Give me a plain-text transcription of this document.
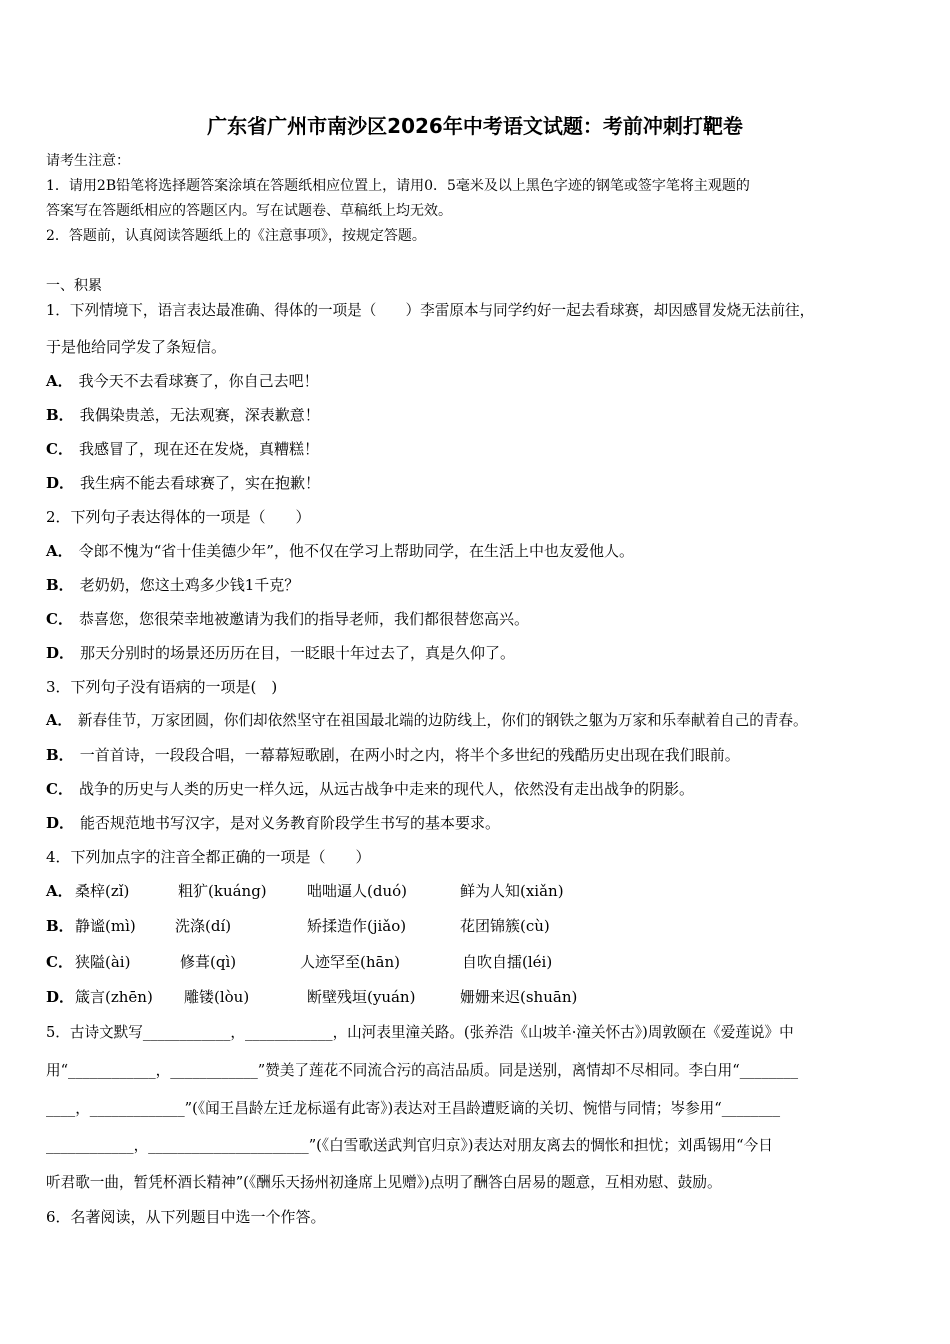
广东省广州市南沙区2026年中考语文试题：考前冲刺打靶卷
请考生注意：
1．请用2B铅笔将选择题答案涂填在答题纸相应位置上，请用0．5毫米及以上黑色字迹的钢笔或签字笔将主观题的
答案写在答题纸相应的答题区内。写在试题卷、草稿纸上均无效。
2．答题前，认真阅读答题纸上的《注意事项》，按规定答题。
一、积累
1．下列情境下，语言表达最准确、得体的一项是（　　）李雷原本与同学约好一起去看球赛，却因感冒发烧无法前往，
于是他给同学发了条短信。
A． 我今天不去看球赛了，你自己去吧！
B． 我偶染贵恙，无法观赛，深表歉意！
C． 我感冒了，现在还在发烧，真糟糕！
D． 我生病不能去看球赛了，实在抱歉！
2．下列句子表达得体的一项是（　　）
A． 令郎不愧为“省十佳美德少年”，他不仅在学习上帮助同学，在生活上中也友爱他人。
B． 老奶奶，您这土鸡多少钱1千克？
C． 恭喜您，您很荣幸地被邀请为我们的指导老师，我们都很替您高兴。
D． 那天分别时的场景还历历在目，一眨眼十年过去了，真是久仰了。
3．下列句子没有语病的一项是(　)
A． 新春佳节，万家团圆，你们却依然坚守在祖国最北端的边防线上，你们的钢铁之躯为万家和乐奉献着自己的青春。
B． 一首首诗，一段段合唱，一幕幕短歌剧，在两小时之内，将半个多世纪的残酷历史出现在我们眼前。
C． 战争的历史与人类的历史一样久远，从远古战争中走来的现代人，依然没有走出战争的阴影。
D． 能否规范地书写汉字，是对义务教育阶段学生书写的基本要求。
4．下列加点字的注音全都正确的一项是（　　）
A． 桑梓(zǐ)	粗犷(kuáng)	咄咄逼人(duó)	鲜为人知(xiǎn)
B． 静谧(mì)	洗涤(dí)	矫揉造作(jiǎo)	花团锦簇(cù)
C． 狭隘(ài)	修葺(qì)	人迹罕至(hān)	自吹自擂(léi)
D． 箴言(zhēn) 雕镂(lòu)	断壁残垣(yuán)	姗姗来迟(shuān)
5．古诗文默写____________，____________，山河表里潼关路。(张养浩《山坡羊·潼关怀古》)周敦颐在《爱莲说》中
用“____________，____________”赞美了莲花不同流合污的高洁品质。同是送别，离情却不尽相同。李白用“________
____，_____________”(《闻王昌龄左迁龙标遥有此寄》)表达对王昌龄遭贬谪的关切、惋惜与同情；岑参用“________
____________，______________________”(《白雪歌送武判官归京》)表达对朋友离去的惆怅和担忧；刘禹锡用“今日
听君歌一曲，暂凭杯酒长精神”(《酬乐天扬州初逢席上见赠》)点明了酬答白居易的题意，互相劝慰、鼓励。
6．名著阅读，从下列题目中选一个作答。
